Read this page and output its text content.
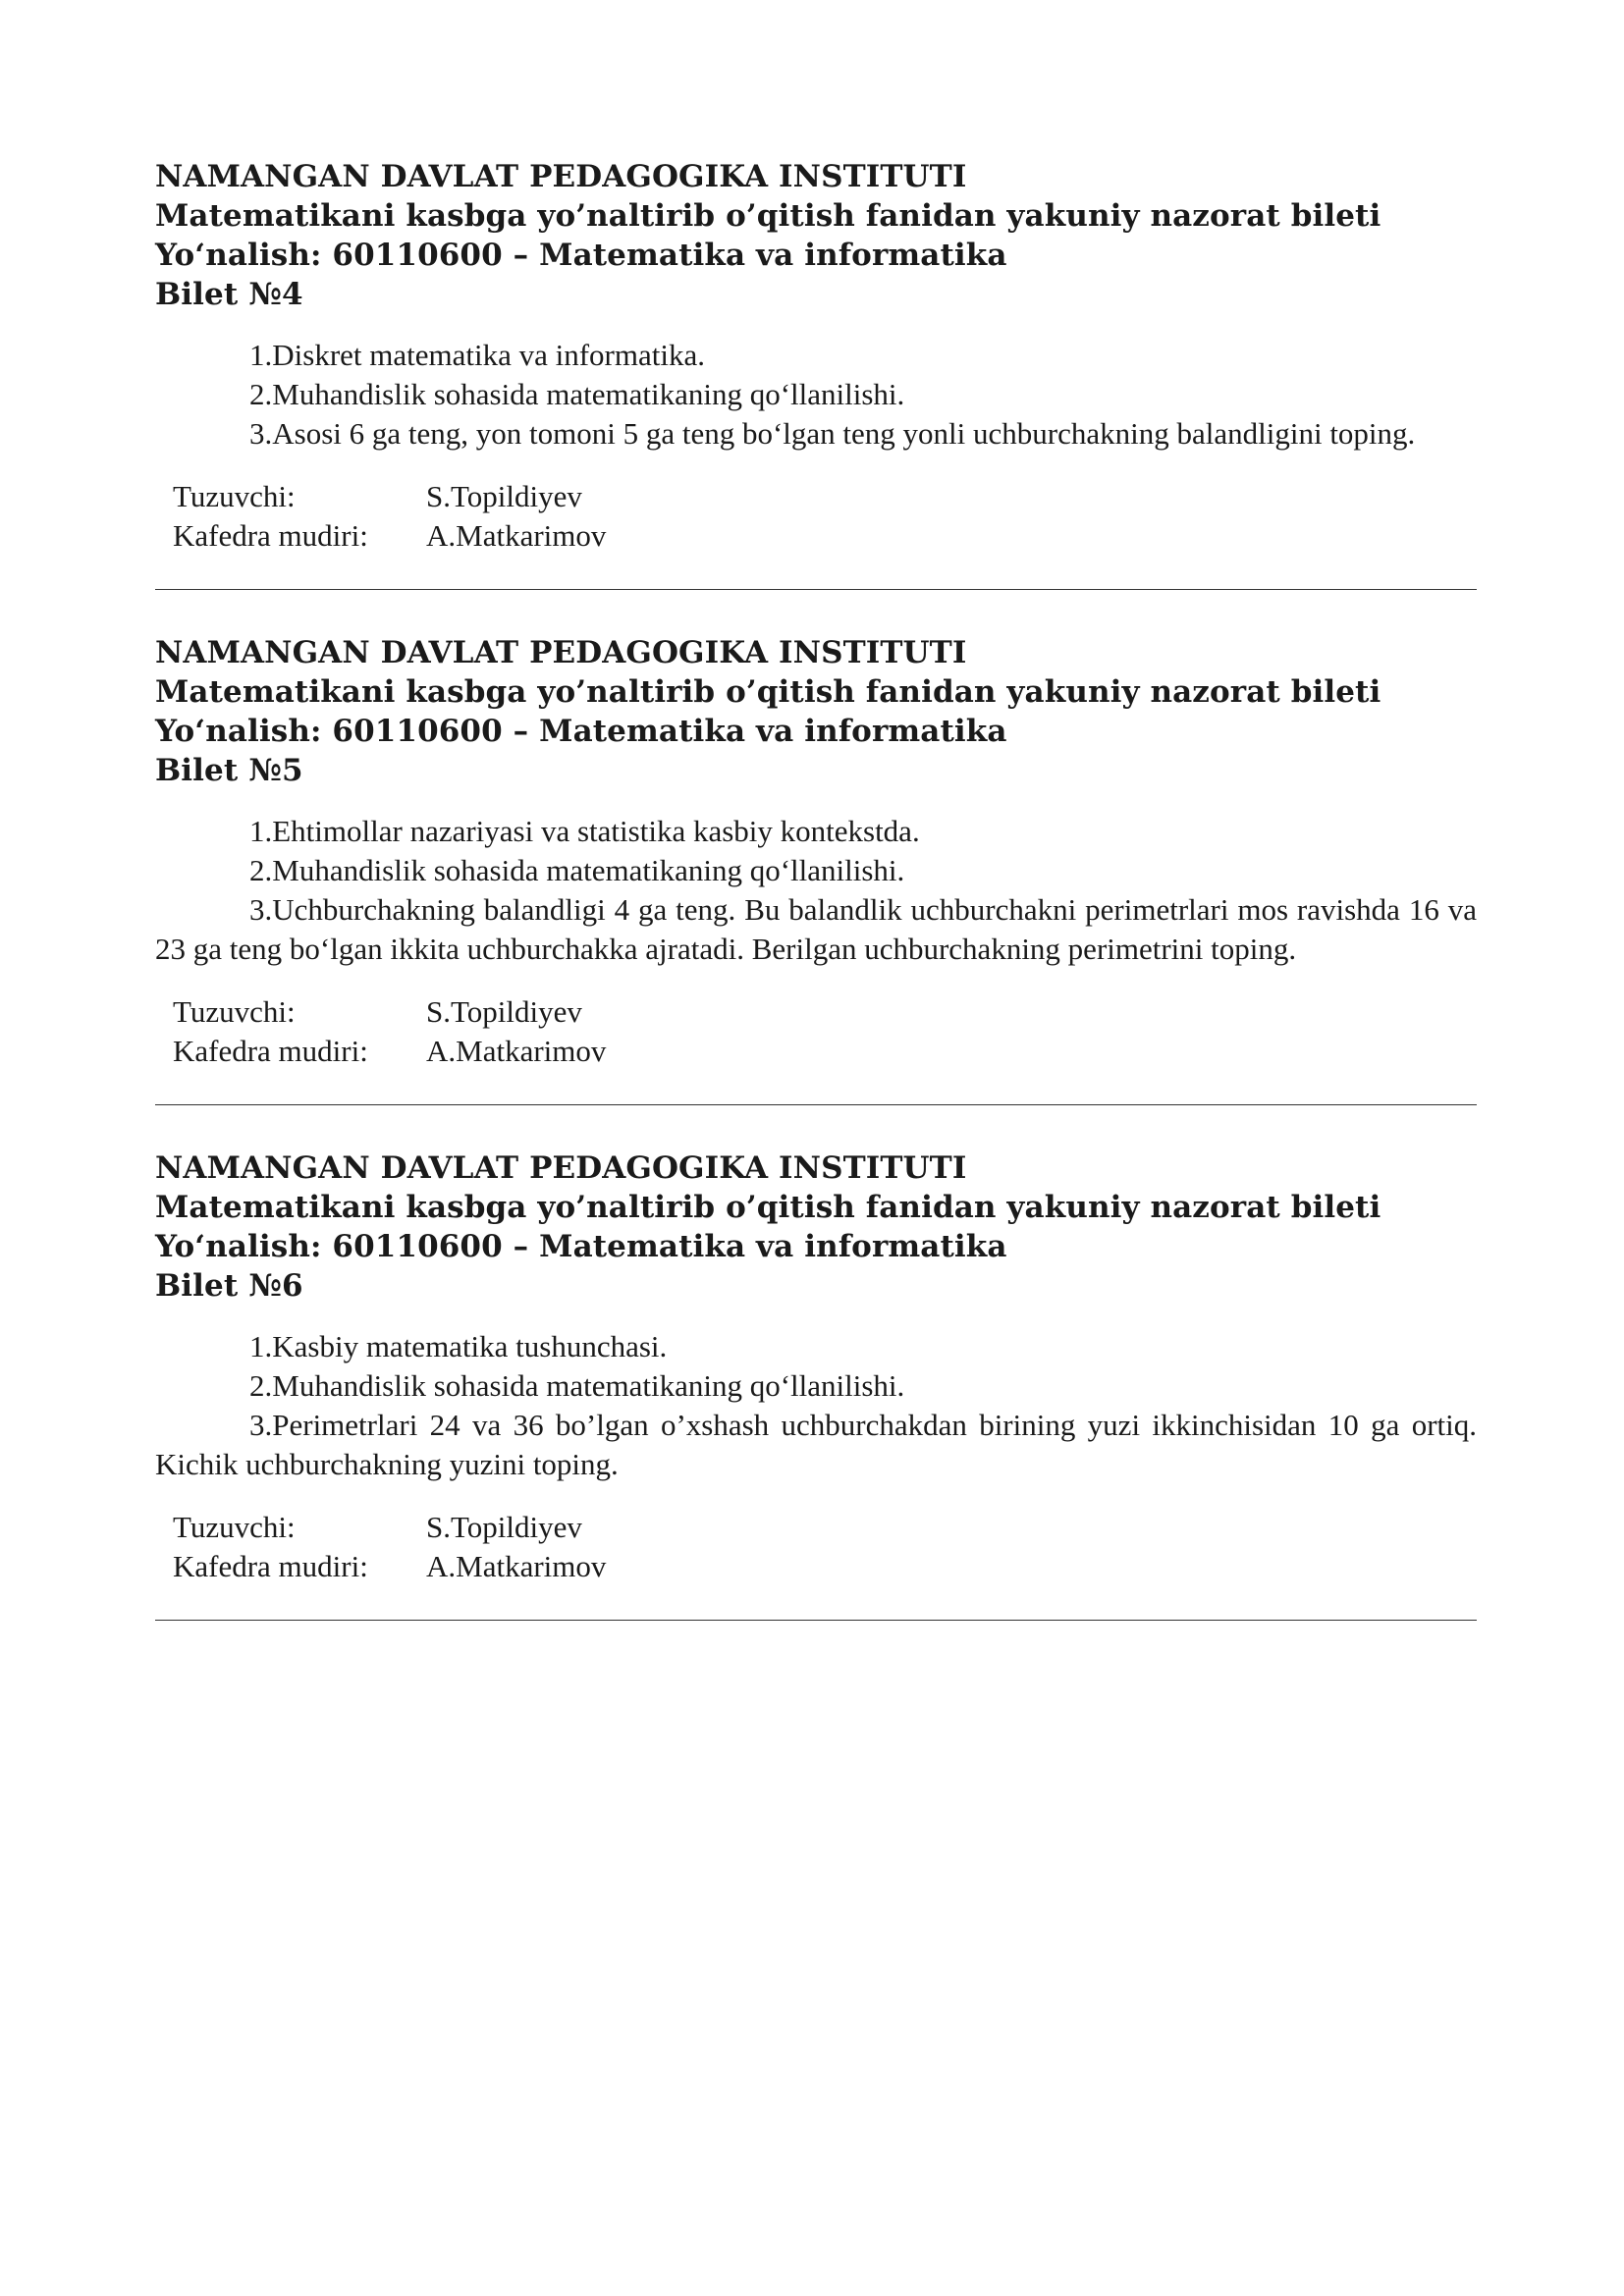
NAMANGAN DAVLAT PEDAGOGIKA INSTITUTI
Matematikani kasbga yo’naltirib o’qitish fanidan yakuniy nazorat bileti
Yo‘nalish: 60110600 – Matematika va informatika
Bilet №4
1.Diskret matematika va informatika.
2.Muhandislik sohasida matematikaning qo‘llanilishi.
3.Asosi 6 ga teng, yon tomoni 5 ga teng bo‘lgan teng yonli uchburchakning balandligini toping.
Tuzuvchi:	S.Topildiyev
Kafedra mudiri:	A.Matkarimov
NAMANGAN DAVLAT PEDAGOGIKA INSTITUTI
Matematikani kasbga yo’naltirib o’qitish fanidan yakuniy nazorat bileti
Yo‘nalish: 60110600 – Matematika va informatika
Bilet №5
1.Ehtimollar nazariyasi va statistika kasbiy kontekstda.
2.Muhandislik sohasida matematikaning qo‘llanilishi.
3.Uchburchakning balandligi 4 ga teng. Bu balandlik uchburchakni perimetrlari mos ravishda 16 va 23 ga teng bo‘lgan ikkita uchburchakka ajratadi. Berilgan uchburchakning perimetrini toping.
Tuzuvchi:	S.Topildiyev
Kafedra mudiri:	A.Matkarimov
NAMANGAN DAVLAT PEDAGOGIKA INSTITUTI
Matematikani kasbga yo’naltirib o’qitish fanidan yakuniy nazorat bileti
Yo‘nalish: 60110600 – Matematika va informatika
Bilet №6
1.Kasbiy matematika tushunchasi.
2.Muhandislik sohasida matematikaning qo‘llanilishi.
3.Perimetrlari 24 va 36 bo’lgan o’xshash uchburchakdan birining yuzi ikkinchisidan 10 ga ortiq. Kichik uchburchakning yuzini toping.
Tuzuvchi:	S.Topildiyev
Kafedra mudiri:	A.Matkarimov
